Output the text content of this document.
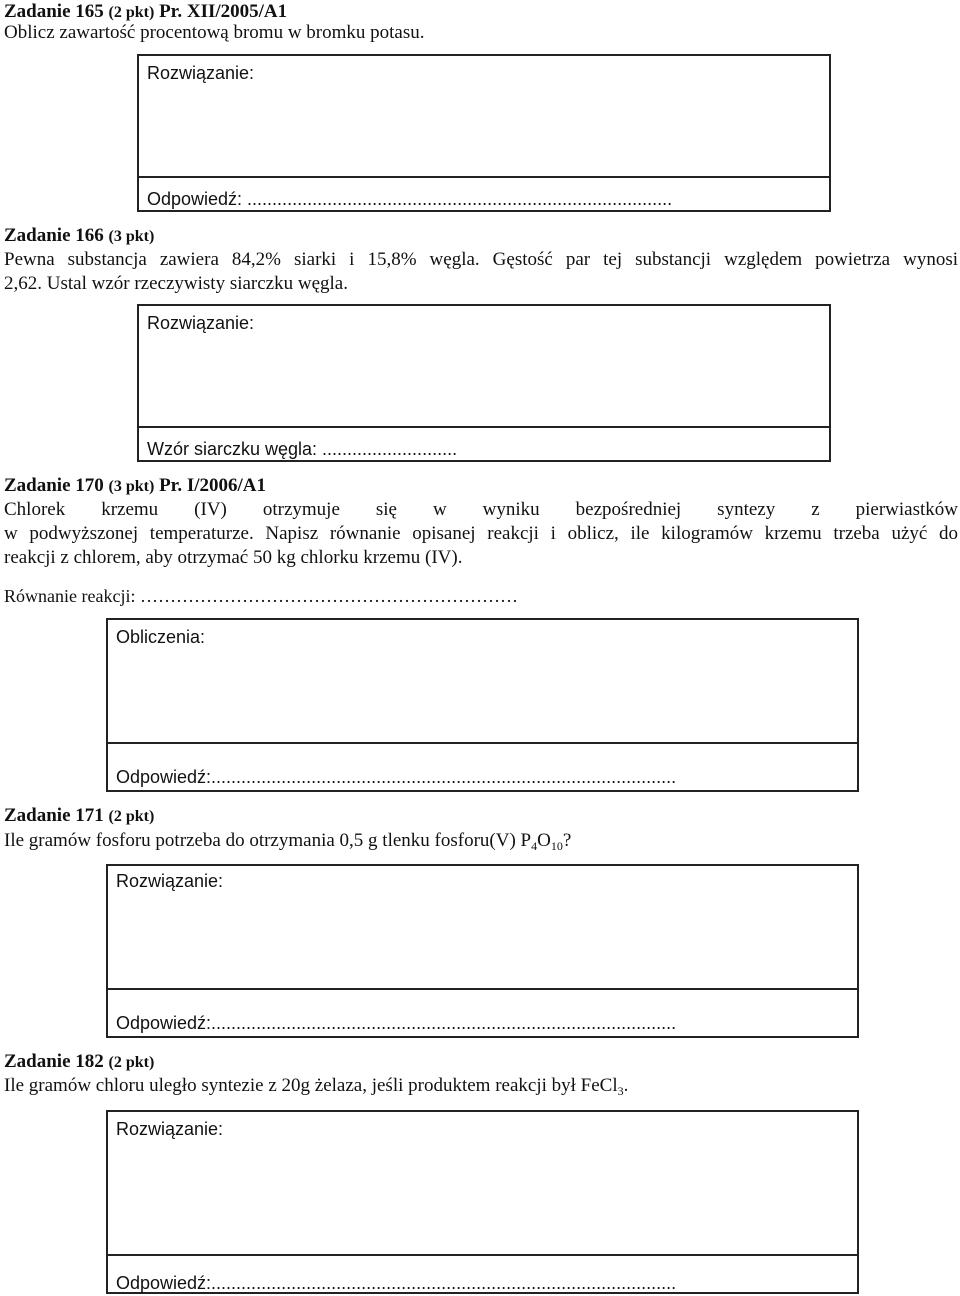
Zadanie 165 (2 pkt) Pr. XII/2005/A1
Oblicz zawartość procentową bromu w bromku potasu.
Rozwiązanie:
Odpowiedź: .....................................................................................
Zadanie 166 (3 pkt)
Pewna substancja zawiera 84,2% siarki i 15,8% węgla. Gęstość par tej substancji względem powietrza wynosi
2,62. Ustal wzór rzeczywisty siarczku węgla.
Rozwiązanie:
Wzór siarczku węgla: ...........................
Zadanie 170 (3 pkt) Pr. I/2006/A1
Chlorek krzemu (IV) otrzymuje się w wyniku bezpośredniej syntezy z pierwiastków
w podwyższonej temperaturze. Napisz równanie opisanej reakcji i oblicz, ile kilogramów krzemu trzeba użyć do
reakcji z chlorem, aby otrzymać 50 kg chlorku krzemu (IV).
Równanie reakcji: ………………………………………………………
Obliczenia:
Odpowiedź:.............................................................................................
Zadanie 171 (2 pkt)
Ile gramów fosforu potrzeba do otrzymania 0,5 g tlenku fosforu(V) $P_4O_{10}$?
Rozwiązanie:
Odpowiedź:.............................................................................................
Zadanie 182 (2 pkt)
Ile gramów chloru uległo syntezie z 20g żelaza, jeśli produktem reakcji był FeCl$_3$.
Rozwiązanie:
Odpowiedź:.............................................................................................
